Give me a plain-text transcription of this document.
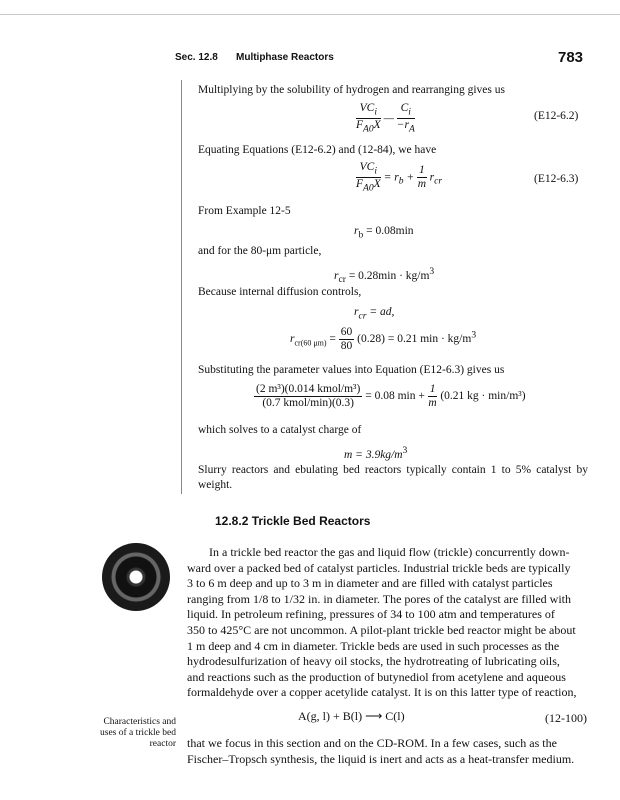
Sec. 12.8 Multiphase Reactors	783
Multiplying by the solubility of hydrogen and rearranging gives us
$\frac{VC_i}{F_{A0}X}$ — $\frac{C_i}{-r_A}$	(E12-6.2)
Equating Equations (E12-6.2) and (12-84), we have
$\frac{VC_i}{F_{A0}X} = r_b + \frac{1}{m} r_{cr}$	(E12-6.3)
From Example 12-5
$r_b = 0.08\min$
and for the 80-μm particle,
$r_{cr} = 0.28\min \cdot kg/m^3$
Because internal diffusion controls,
$r_{cr}$ = ad,
$r_{cr(60 \mu m)} = \frac{60}{80} (0.28) = 0.21$ $\min \cdot kg/m^3$
Substituting the parameter values into Equation (E12-6.3) gives us
$\frac{\text{(2 m³)(0.014 kmol/m³)}}{\text{(0.7 kmol/min)(0.3)}} = 0.08$ $\min + \frac{1}{m} (0.21$ kg · min/m³)
which solves to a catalyst charge of
$m = 3.9kg/m^3$
Slurry reactors and ebulating bed reactors typically contain 1 to 5% catalyst by weight.
12.8.2 Trickle Bed Reactors
In a trickle bed reactor the gas and liquid flow (trickle) concurrently down-
ward over a packed bed of catalyst particles. Industrial trickle beds are typically
3 to 6 m deep and up to 3 m in diameter and are filled with catalyst particles
ranging from 1/8 to 1/32 in. in diameter. The pores of the catalyst are filled with
liquid. In petroleum refining, pressures of 34 to 100 atm and temperatures of
350 to 425°C are not uncommon. A pilot-plant trickle bed reactor might be about
1 m deep and 4 cm in diameter. Trickle beds are used in such processes as the
hydrodesulfurization of heavy oil stocks, the hydrotreating of lubricating oils,
and reactions such as the production of butynediol from acetylene and aqueous
formaldehyde over a copper acetylide catalyst. It is on this latter type of reaction,
A(g, l) + B(l) ⟶ C(l)	(12-100)
that we focus in this section and on the CD-ROM. In a few cases, such as the
Fischer–Tropsch synthesis, the liquid is inert and acts as a heat-transfer medium.
Characteristics and
uses of a trickle bed
reactor
